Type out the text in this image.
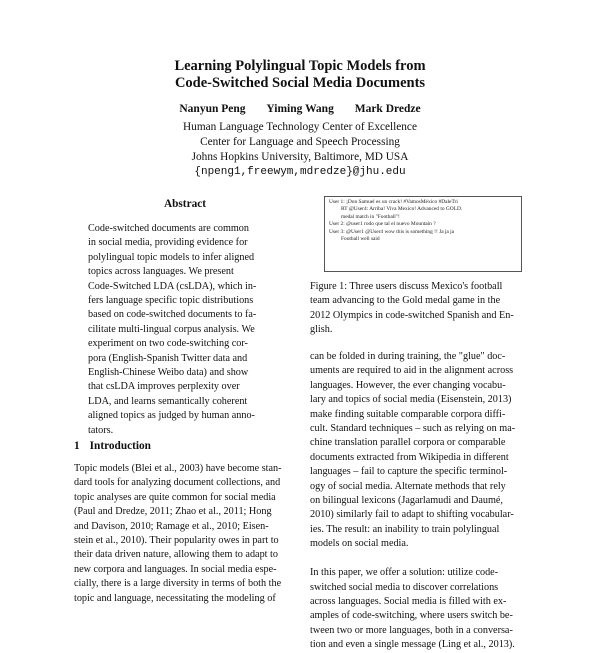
Learning Polylingual Topic Models from
Code-Switched Social Media Documents
Nanyun Peng Yiming Wang Mark Dredze
Human Language Technology Center of Excellence
Center for Language and Speech Processing
Johns Hopkins University, Baltimore, MD USA
{npeng1,freewym,mdredze}@jhu.edu
Abstract
Code-switched documents are common
in social media, providing evidence for
polylingual topic models to infer aligned
topics across languages. We present
Code-Switched LDA (csLDA), which in-
fers language specific topic distributions
based on code-switched documents to fa-
cilitate multi-lingual corpus analysis. We
experiment on two code-switching cor-
pora (English-Spanish Twitter data and
English-Chinese Weibo data) and show
that csLDA improves perplexity over
LDA, and learns semantically coherent
aligned topics as judged by human anno-
tators.
1 Introduction
Topic models (Blei et al., 2003) have become stan-
dard tools for analyzing document collections, and
topic analyses are quite common for social media
(Paul and Dredze, 2011; Zhao et al., 2011; Hong
and Davison, 2010; Ramage et al., 2010; Eisen-
stein et al., 2010). Their popularity owes in part to
their data driven nature, allowing them to adapt to
new corpora and languages. In social media espe-
cially, there is a large diversity in terms of both the
topic and language, necessitating the modeling of
User 1: ¡Don Samuel es un crack! #VamosMéxico #DaleTri
RT @User4: Arriba! Viva Mexico! Advanced to GOLD.
medal match in "Football"!
User 2: @user1 rodo que tal el nuevo Mountain ?
User 3: @User1 @User4 wow this is something !! Ja ja ja
Football well said
Figure 1: Three users discuss Mexico's football
team advancing to the Gold medal game in the
2012 Olympics in code-switched Spanish and En-
glish.
can be folded in during training, the "glue" doc-
uments are required to aid in the alignment across
languages. However, the ever changing vocabu-
lary and topics of social media (Eisenstein, 2013)
make finding suitable comparable corpora diffi-
cult. Standard techniques – such as relying on ma-
chine translation parallel corpora or comparable
documents extracted from Wikipedia in different
languages – fail to capture the specific terminol-
ogy of social media. Alternate methods that rely
on bilingual lexicons (Jagarlamudi and Daumé,
2010) similarly fail to adapt to shifting vocabular-
ies. The result: an inability to train polylingual
models on social media.

In this paper, we offer a solution: utilize code-
switched social media to discover correlations
across languages. Social media is filled with ex-
amples of code-switching, where users switch be-
tween two or more languages, both in a conversa-
tion and even a single message (Ling et al., 2013).
